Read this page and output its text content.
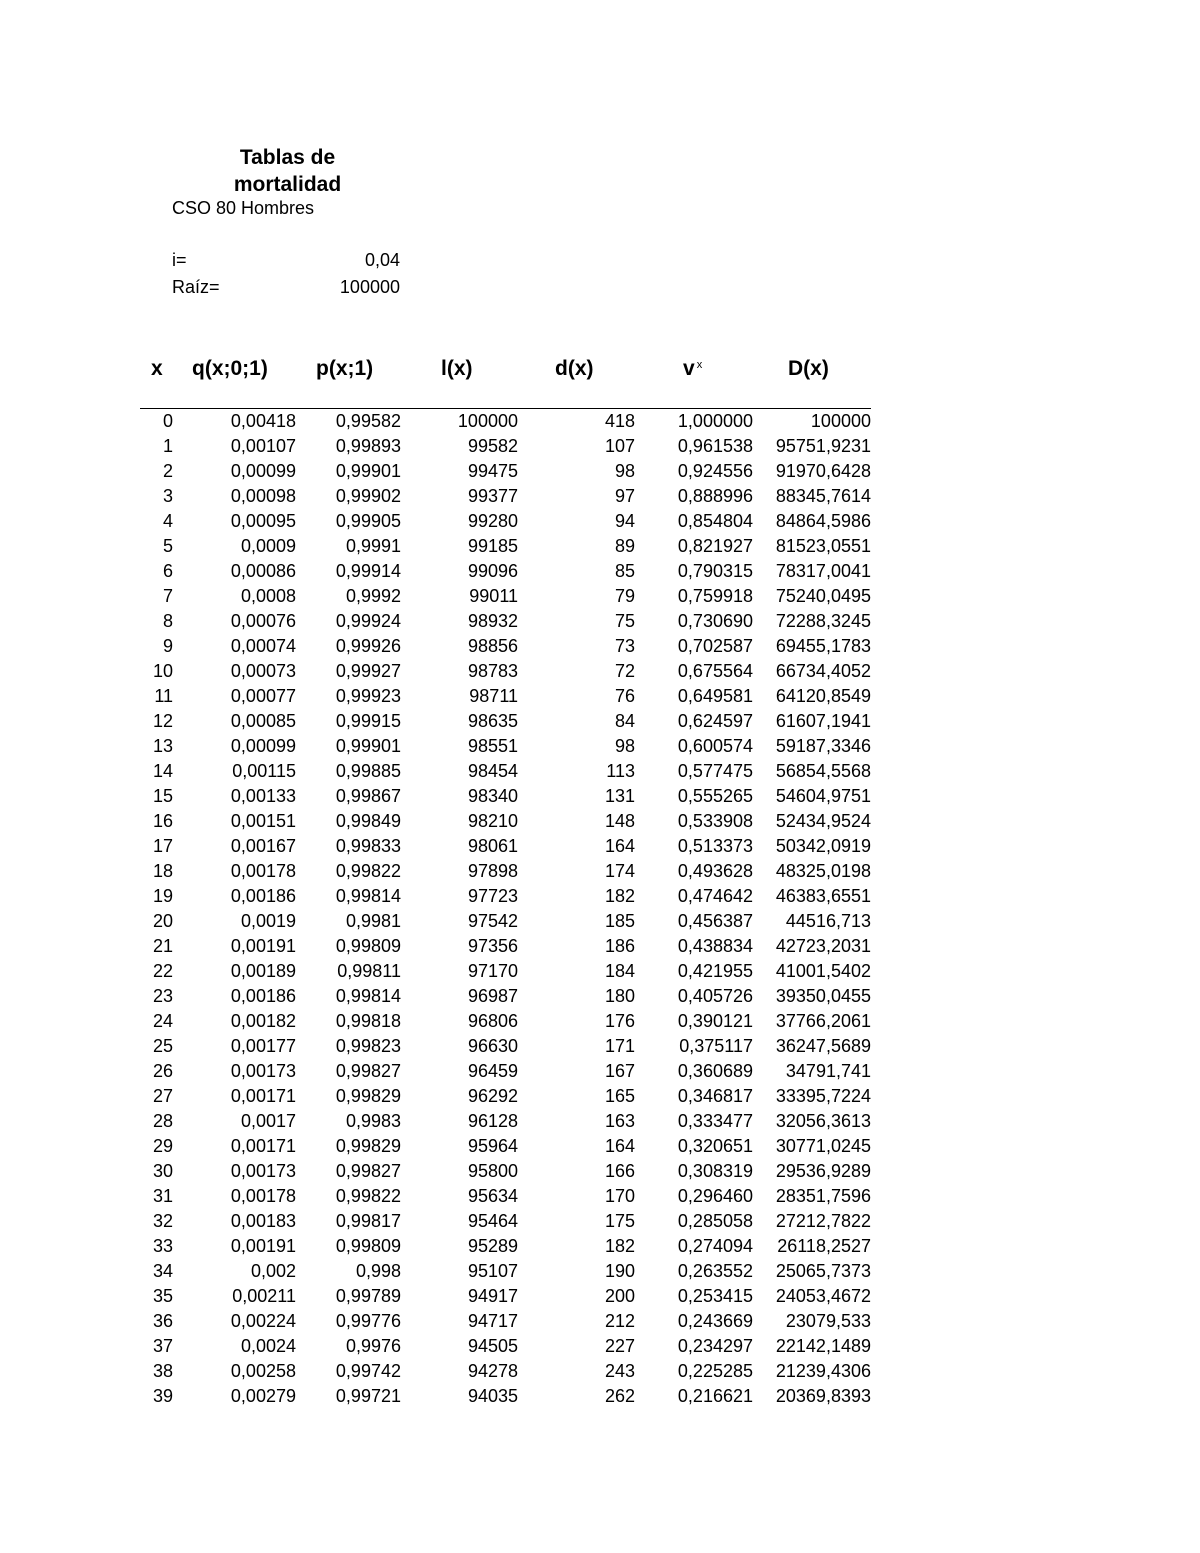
Tablas de mortalidad
CSO 80 Hombres
i=	0,04
Raíz=	100000
x q(x;0;1) p(x;1)	l(x)	d(x)	$v^x$	D(x)
0	0,00418	0,99582	100000	418	1,000000	100000
1	0,00107	0,99893	99582	107	0,961538	95751,9231
2	0,00099	0,99901	99475	98	0,924556	91970,6428
3	0,00098	0,99902	99377	97	0,888996	88345,7614
4	0,00095	0,99905	99280	94	0,854804	84864,5986
5	0,0009	0,9991	99185	89	0,821927	81523,0551
6	0,00086	0,99914	99096	85	0,790315	78317,0041
7	0,0008	0,9992	99011	79	0,759918	75240,0495
8	0,00076	0,99924	98932	75	0,730690	72288,3245
9	0,00074	0,99926	98856	73	0,702587	69455,1783
10	0,00073	0,99927	98783	72	0,675564	66734,4052
11	0,00077	0,99923	98711	76	0,649581	64120,8549
12	0,00085	0,99915	98635	84	0,624597	61607,1941
13	0,00099	0,99901	98551	98	0,600574	59187,3346
14	0,00115	0,99885	98454	113	0,577475	56854,5568
15	0,00133	0,99867	98340	131	0,555265	54604,9751
16	0,00151	0,99849	98210	148	0,533908	52434,9524
17	0,00167	0,99833	98061	164	0,513373	50342,0919
18	0,00178	0,99822	97898	174	0,493628	48325,0198
19	0,00186	0,99814	97723	182	0,474642	46383,6551
20	0,0019	0,9981	97542	185	0,456387	44516,713
21	0,00191	0,99809	97356	186	0,438834	42723,2031
22	0,00189	0,99811	97170	184	0,421955	41001,5402
23	0,00186	0,99814	96987	180	0,405726	39350,0455
24	0,00182	0,99818	96806	176	0,390121	37766,2061
25	0,00177	0,99823	96630	171	0,375117	36247,5689
26	0,00173	0,99827	96459	167	0,360689	34791,741
27	0,00171	0,99829	96292	165	0,346817	33395,7224
28	0,0017	0,9983	96128	163	0,333477	32056,3613
29	0,00171	0,99829	95964	164	0,320651	30771,0245
30	0,00173	0,99827	95800	166	0,308319	29536,9289
31	0,00178	0,99822	95634	170	0,296460	28351,7596
32	0,00183	0,99817	95464	175	0,285058	27212,7822
33	0,00191	0,99809	95289	182	0,274094	26118,2527
34	0,002	0,998	95107	190	0,263552	25065,7373
35	0,00211	0,99789	94917	200	0,253415	24053,4672
36	0,00224	0,99776	94717	212	0,243669	23079,533
37	0,0024	0,9976	94505	227	0,234297	22142,1489
38	0,00258	0,99742	94278	243	0,225285	21239,4306
39	0,00279	0,99721	94035	262	0,216621	20369,8393
